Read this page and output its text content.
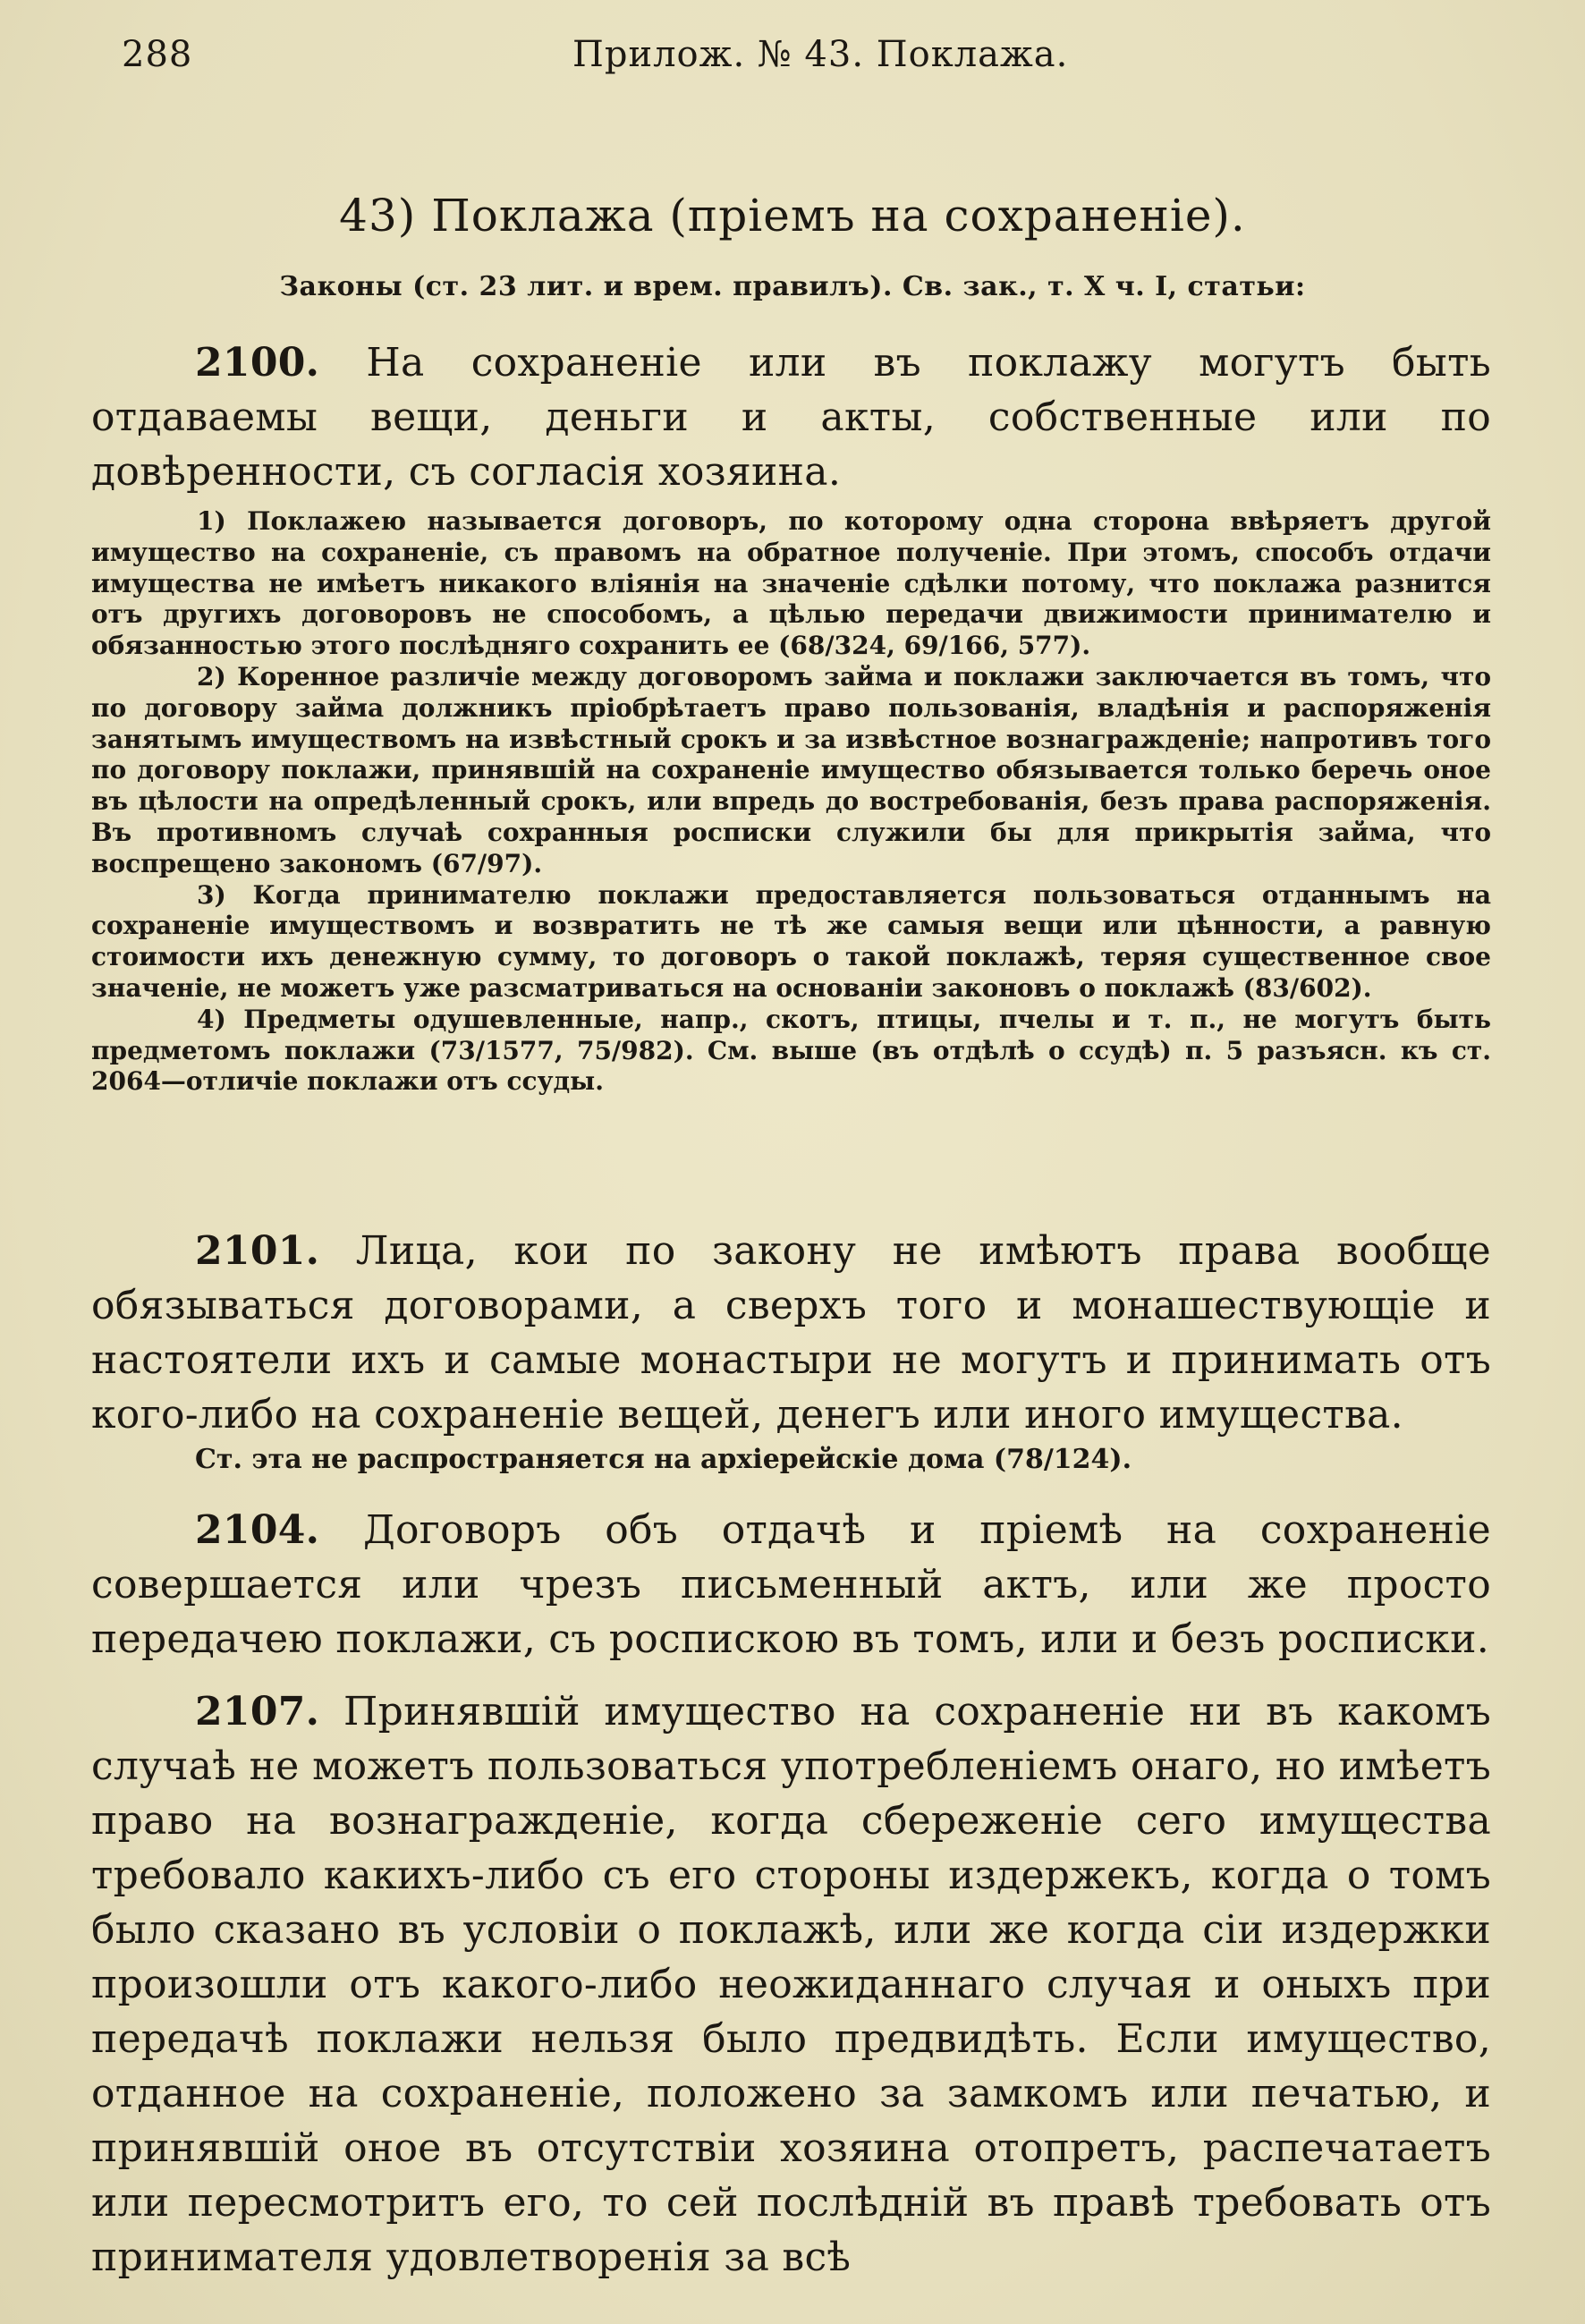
288	Прилож. № 43. Поклажа.
43) Поклажа (пріемъ на сохраненіе).
Законы (ст. 23 лит. и врем. правилъ). Св. зак., т. X ч. I, статьи:

2100. На сохраненіе или въ поклажу могутъ быть отдаваемы вещи, деньги и акты, собственные или по довѣренности, съ согласія хозяина.

1) Поклажею называется договоръ, по которому одна сторона ввѣряетъ другой имущество на сохраненіе, съ правомъ на обратное полученіе. При этомъ, способъ отдачи имущества не имѣетъ никакого вліянія на значеніе сдѣлки потому, что поклажа разнится отъ другихъ договоровъ не способомъ, а цѣлью передачи движимости принимателю и обязанностью этого послѣдняго сохранить ее (68/324, 69/166, 577).

2) Коренное различіе между договоромъ займа и поклажи заключается въ томъ, что по договору займа должникъ пріобрѣтаетъ право пользованія, владѣнія и распоряженія занятымъ имуществомъ на извѣстный срокъ и за извѣстное вознагражденіе; напротивъ того по договору поклажи, принявшій на сохраненіе имущество обязывается только беречь оное въ цѣлости на опредѣленный срокъ, или впредь до востребованія, безъ права распоряженія. Въ противномъ случаѣ сохранныя росписки служили бы для прикрытія займа, что воспрещено закономъ (67/97).

3) Когда принимателю поклажи предоставляется пользоваться отданнымъ на сохраненіе имуществомъ и возвратить не тѣ же самыя вещи или цѣнности, а равную стоимости ихъ денежную сумму, то договоръ о такой поклажѣ, теряя существенное свое значеніе, не можетъ уже разсматриваться на основаніи законовъ о поклажѣ (83/602).

4) Предметы одушевленные, напр., скотъ, птицы, пчелы и т. п., не могутъ быть предметомъ поклажи (73/1577, 75/982). См. выше (въ отдѣлѣ о ссудѣ) п. 5 разъясн. къ ст. 2064—отличіе поклажи отъ ссуды.

2101. Лица, кои по закону не имѣютъ права вообще обязываться договорами, а сверхъ того и монашествующіе и настоятели ихъ и самые монастыри не могутъ и принимать отъ кого-либо на сохраненіе вещей, денегъ или иного имущества.

Ст. эта не распространяется на архіерейскіе дома (78/124).

2104. Договоръ объ отдачѣ и пріемѣ на сохраненіе совершается или чрезъ письменный актъ, или же просто передачею поклажи, съ роспискою въ томъ, или и безъ росписки.

2107. Принявшій имущество на сохраненіе ни въ какомъ случаѣ не можетъ пользоваться употребленіемъ онаго, но имѣетъ право на вознагражденіе, когда сбереженіе сего имущества требовало какихъ-либо съ его стороны издержекъ, когда о томъ было сказано въ условіи о поклажѣ, или же когда сіи издержки произошли отъ какого-либо неожиданнаго случая и оныхъ при передачѣ поклажи нельзя было предвидѣть. Если имущество, отданное на сохраненіе, положено за замкомъ или печатью, и принявшій оное въ отсутствіи хозяина отопретъ, распечатаетъ или пересмотритъ его, то сей послѣдній въ правѣ требовать отъ принимателя удовлетворенія за всѣ
